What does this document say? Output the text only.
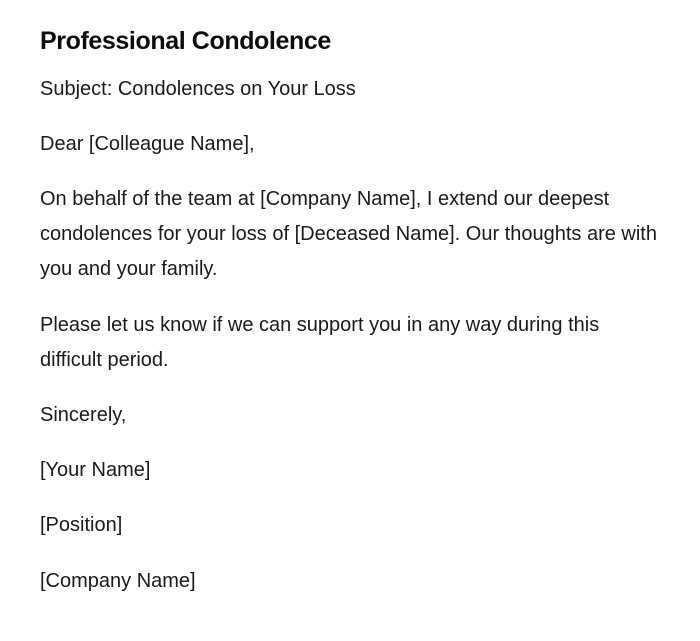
Professional Condolence

Subject: Condolences on Your Loss

Dear [Colleague Name],

On behalf of the team at [Company Name], I extend our deepest condolences for your loss of [Deceased Name]. Our thoughts are with you and your family.

Please let us know if we can support you in any way during this difficult period.

Sincerely,

[Your Name]

[Position]

[Company Name]
